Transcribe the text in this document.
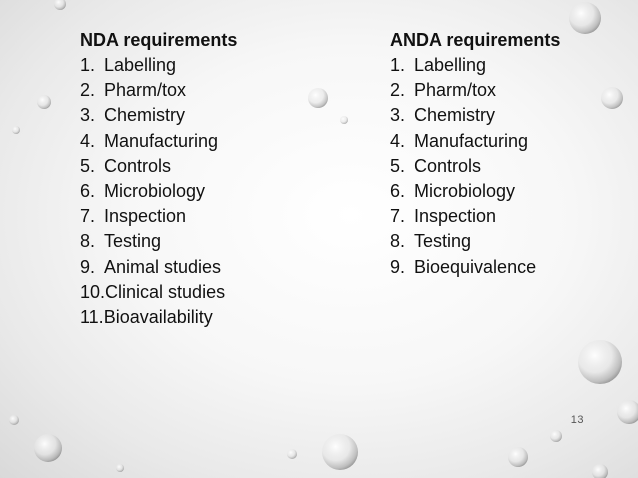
NDA requirements
1. Labelling
2. Pharm/tox
3. Chemistry
4. Manufacturing
5. Controls
6. Microbiology
7. Inspection
8. Testing
9. Animal studies
10. Clinical studies
11. Bioavailability
ANDA requirements
1. Labelling
2. Pharm/tox
3. Chemistry
4. Manufacturing
5. Controls
6. Microbiology
7. Inspection
8. Testing
9. Bioequivalence
13
